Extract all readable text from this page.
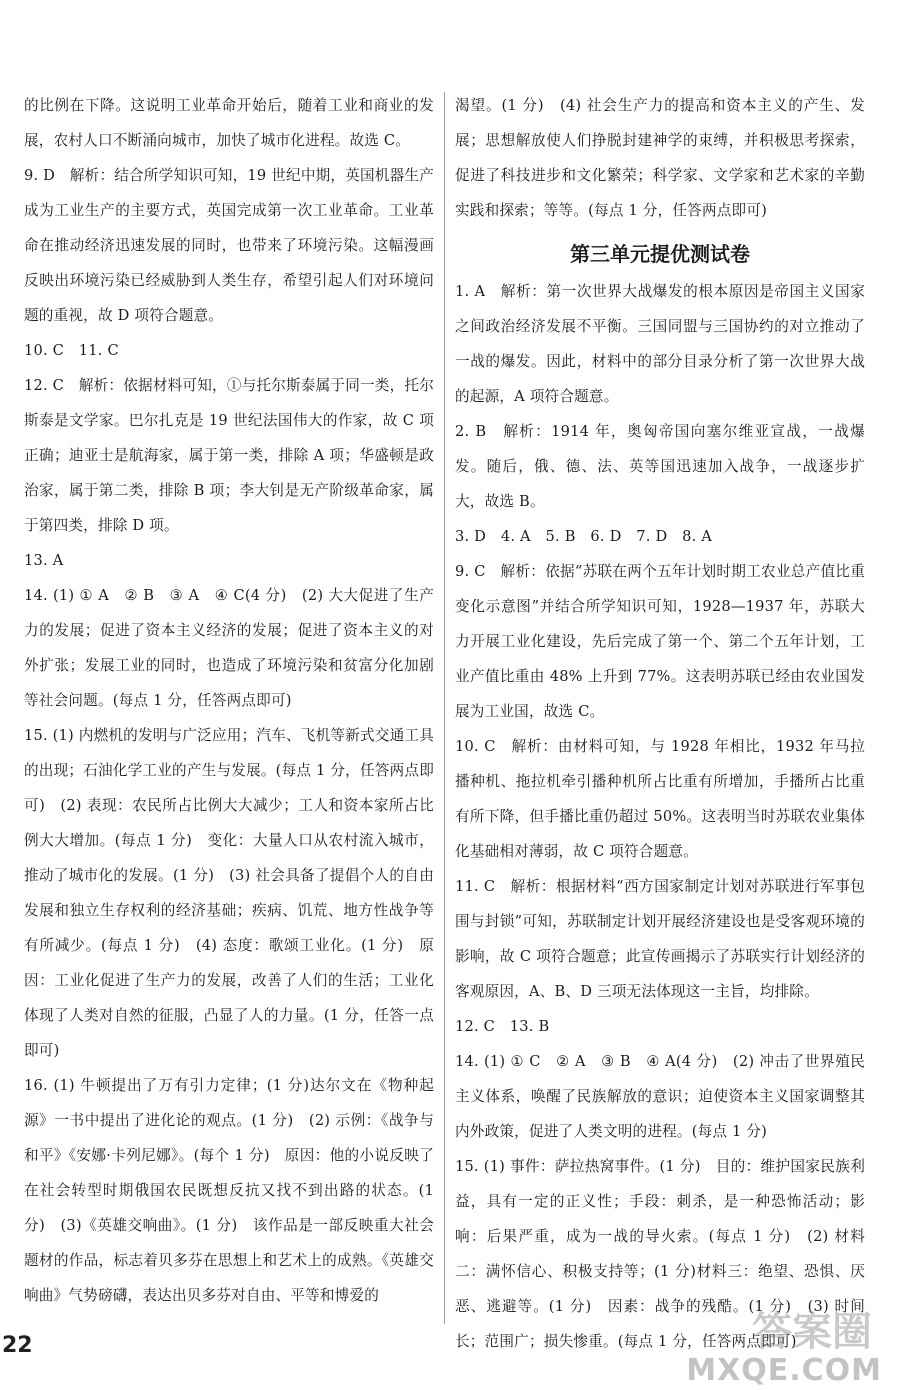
的比例在下降。这说明工业革命开始后，随着工业和商业的发展，农村人口不断涌向城市，加快了城市化进程。故选 C。
9. D　解析：结合所学知识可知，19 世纪中期，英国机器生产成为工业生产的主要方式，英国完成第一次工业革命。工业革命在推动经济迅速发展的同时，也带来了环境污染。这幅漫画反映出环境污染已经威胁到人类生存，希望引起人们对环境问题的重视，故 D 项符合题意。
10. C　11. C
12. C　解析：依据材料可知，①与托尔斯泰属于同一类，托尔斯泰是文学家。巴尔扎克是 19 世纪法国伟大的作家，故 C 项正确；迪亚士是航海家，属于第一类，排除 A 项；华盛顿是政治家，属于第二类，排除 B 项；李大钊是无产阶级革命家，属于第四类，排除 D 项。
13. A
14. (1) ① A　② B　③ A　④ C(4 分)　(2) 大大促进了生产力的发展；促进了资本主义经济的发展；促进了资本主义的对外扩张；发展工业的同时，也造成了环境污染和贫富分化加剧等社会问题。(每点 1 分，任答两点即可)
15. (1) 内燃机的发明与广泛应用；汽车、飞机等新式交通工具的出现；石油化学工业的产生与发展。(每点 1 分，任答两点即可)　(2) 表现：农民所占比例大大减少；工人和资本家所占比例大大增加。(每点 1 分)　变化：大量人口从农村流入城市，推动了城市化的发展。(1 分)　(3) 社会具备了提倡个人的自由发展和独立生存权利的经济基础；疾病、饥荒、地方性战争等有所减少。(每点 1 分)　(4) 态度：歌颂工业化。(1 分)　原因：工业化促进了生产力的发展，改善了人们的生活；工业化体现了人类对自然的征服，凸显了人的力量。(1 分，任答一点即可)
16. (1) 牛顿提出了万有引力定律；(1 分)达尔文在《物种起源》一书中提出了进化论的观点。(1 分)　(2) 示例：《战争与和平》《安娜·卡列尼娜》。(每个 1 分)　原因：他的小说反映了在社会转型时期俄国农民既想反抗又找不到出路的状态。(1 分)　(3)《英雄交响曲》。(1 分)　该作品是一部反映重大社会题材的作品，标志着贝多芬在思想上和艺术上的成熟。《英雄交响曲》气势磅礴，表达出贝多芬对自由、平等和博爱的
渴望。(1 分)　(4) 社会生产力的提高和资本主义的产生、发展；思想解放使人们挣脱封建神学的束缚，并积极思考探索，促进了科技进步和文化繁荣；科学家、文学家和艺术家的辛勤实践和探索；等等。(每点 1 分，任答两点即可)
第三单元提优测试卷
1. A　解析：第一次世界大战爆发的根本原因是帝国主义国家之间政治经济发展不平衡。三国同盟与三国协约的对立推动了一战的爆发。因此，材料中的部分目录分析了第一次世界大战的起源，A 项符合题意。
2. B　解析：1914 年，奥匈帝国向塞尔维亚宣战，一战爆发。随后，俄、德、法、英等国迅速加入战争，一战逐步扩大，故选 B。
3. D　4. A　5. B　6. D　7. D　8. A
9. C　解析：依据“苏联在两个五年计划时期工农业总产值比重变化示意图”并结合所学知识可知，1928—1937 年，苏联大力开展工业化建设，先后完成了第一个、第二个五年计划，工业产值比重由 48% 上升到 77%。这表明苏联已经由农业国发展为工业国，故选 C。
10. C　解析：由材料可知，与 1928 年相比，1932 年马拉播种机、拖拉机牵引播种机所占比重有所增加，手播所占比重有所下降，但手播比重仍超过 50%。这表明当时苏联农业集体化基础相对薄弱，故 C 项符合题意。
11. C　解析：根据材料“西方国家制定计划对苏联进行军事包围与封锁”可知，苏联制定计划开展经济建设也是受客观环境的影响，故 C 项符合题意；此宣传画揭示了苏联实行计划经济的客观原因，A、B、D 三项无法体现这一主旨，均排除。
12. C　13. B
14. (1) ① C　② A　③ B　④ A(4 分)　(2) 冲击了世界殖民主义体系，唤醒了民族解放的意识；迫使资本主义国家调整其内外政策，促进了人类文明的进程。(每点 1 分)
15. (1) 事件：萨拉热窝事件。(1 分)　目的：维护国家民族利益，具有一定的正义性；手段：刺杀，是一种恐怖活动；影响：后果严重，成为一战的导火索。(每点 1 分)　(2) 材料二：满怀信心、积极支持等；(1 分)材料三：绝望、恐惧、厌恶、逃避等。(1 分)　因素：战争的残酷。(1 分)　(3) 时间长；范围广；损失惨重。(每点 1 分，任答两点即可)
22	答案圈
MXQE.COM
